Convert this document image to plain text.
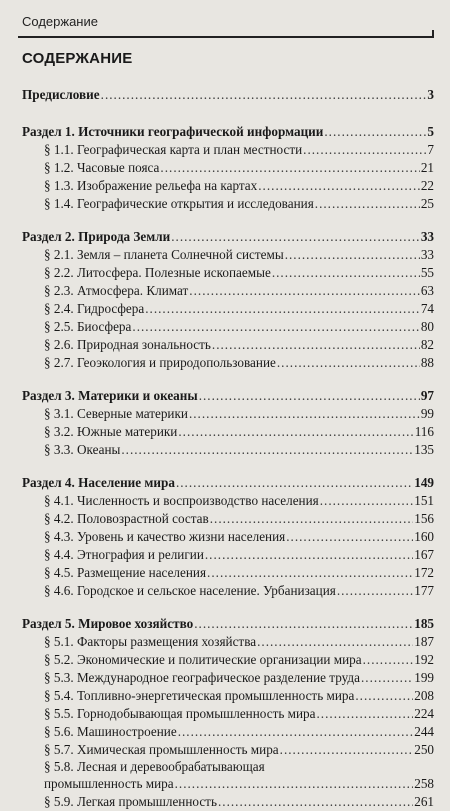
Содержание
СОДЕРЖАНИЕ
Предисловие .....	3
Раздел 1. Источники географической информации .....	5
§ 1.1. Географическая карта и план местности .....	7
§ 1.2. Часовые пояса .....	21
§ 1.3. Изображение рельефа на картах .....	22
§ 1.4. Географические открытия и исследования .....	25
Раздел 2. Природа Земли .....	33
§ 2.1. Земля – планета Солнечной системы .....	33
§ 2.2. Литосфера. Полезные ископаемые .....	55
§ 2.3. Атмосфера. Климат .....	63
§ 2.4. Гидросфера .....	74
§ 2.5. Биосфера .....	80
§ 2.6. Природная зональность .....	82
§ 2.7. Геоэкология и природопользование .....	88
Раздел 3. Материки и океаны .....	97
§ 3.1. Северные материки .....	99
§ 3.2. Южные материки .....	116
§ 3.3. Океаны .....	135
Раздел 4. Население мира .....	149
§ 4.1. Численность и воспроизводство населения .....	151
§ 4.2. Половозрастной состав .....	156
§ 4.3. Уровень и качество жизни населения .....	160
§ 4.4. Этнография и религии .....	167
§ 4.5. Размещение населения .....	172
§ 4.6. Городское и сельское население. Урбанизация .....	177
Раздел 5. Мировое хозяйство .....	185
§ 5.1. Факторы размещения хозяйства .....	187
§ 5.2. Экономические и политические организации мира .....	192
§ 5.3. Международное географическое разделение труда .....	199
§ 5.4. Топливно-энергетическая промышленность мира .....	208
§ 5.5. Горнодобывающая промышленность мира .....	224
§ 5.6. Машиностроение .....	244
§ 5.7. Химическая промышленность мира .....	250
§ 5.8. Лесная и деревообрабатывающая
промышленность мира .....	258
§ 5.9. Легкая промышленность .....	261
